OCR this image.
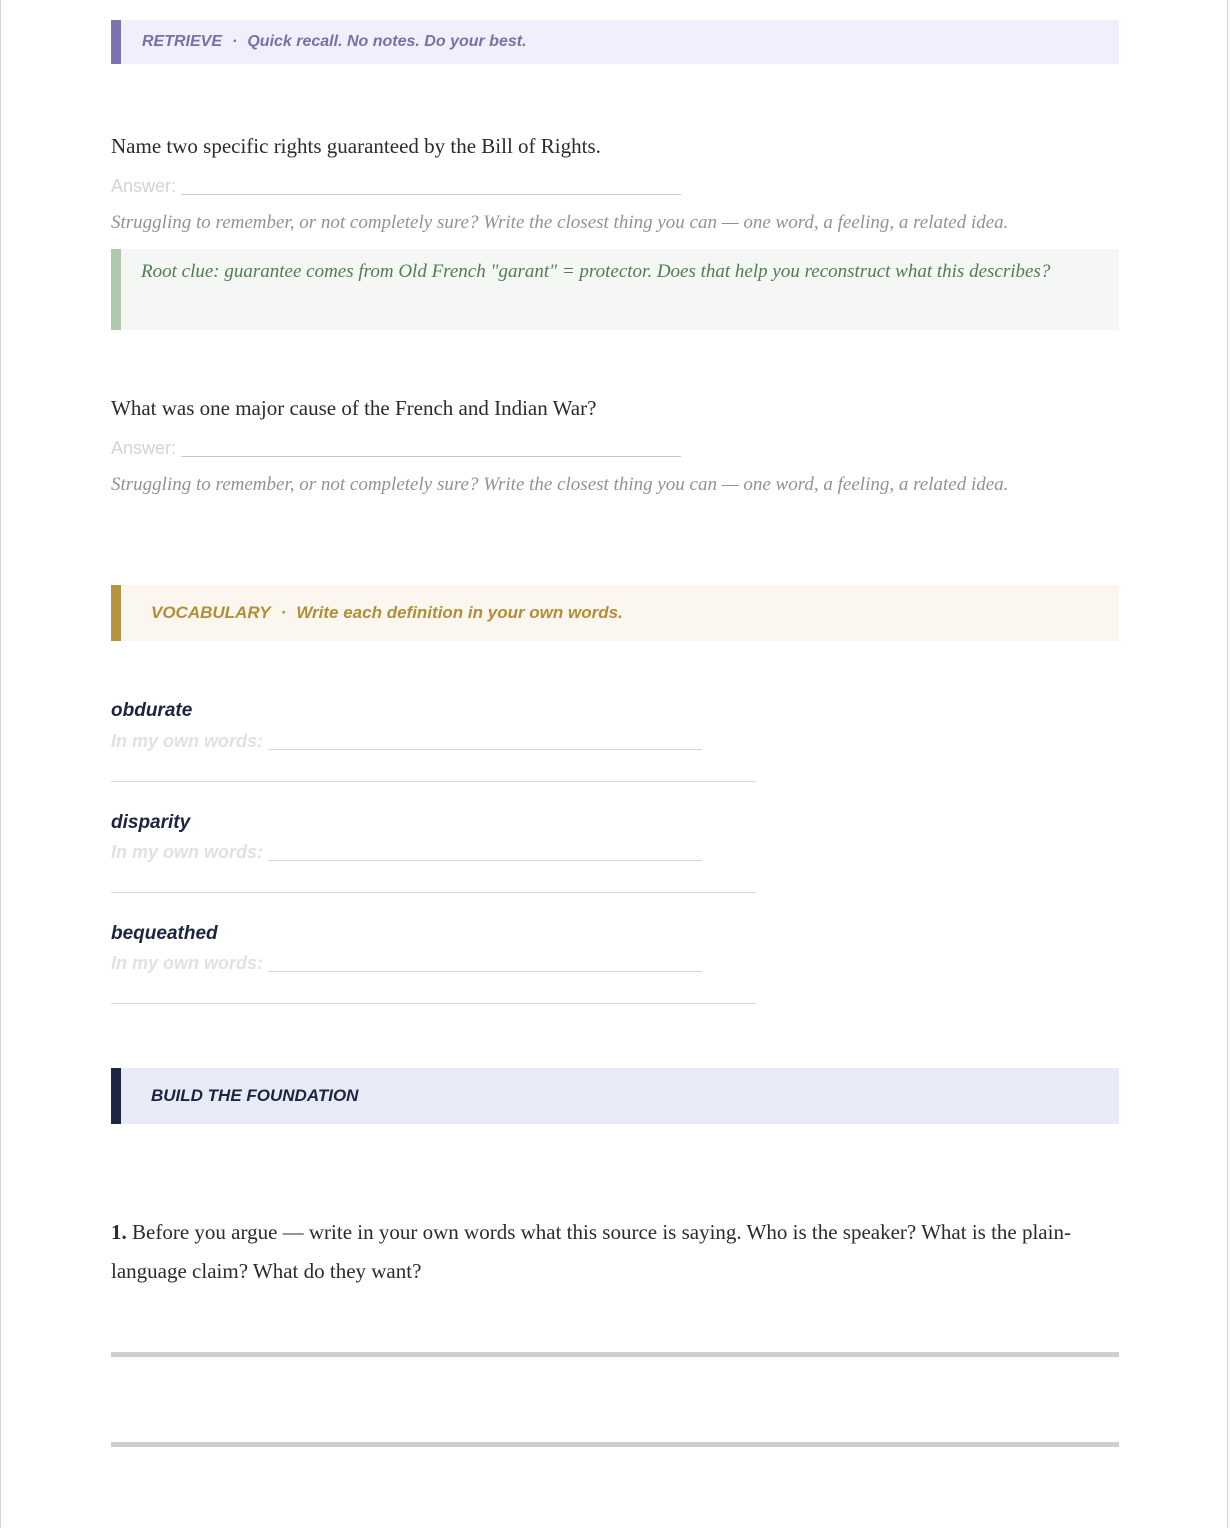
RETRIEVE · Quick recall. No notes. Do your best.
Name two specific rights guaranteed by the Bill of Rights.
Answer:
Struggling to remember, or not completely sure? Write the closest thing you can — one word, a feeling, a related idea.
Root clue: guarantee comes from Old French "garant" = protector. Does that help you reconstruct what this describes?
What was one major cause of the French and Indian War?
Answer:
Struggling to remember, or not completely sure? Write the closest thing you can — one word, a feeling, a related idea.
VOCABULARY · Write each definition in your own words.
obdurate
In my own words:
disparity
In my own words:
bequeathed
In my own words:
BUILD THE FOUNDATION
1. Before you argue — write in your own words what this source is saying. Who is the speaker? What is the plain-language claim? What do they want?
